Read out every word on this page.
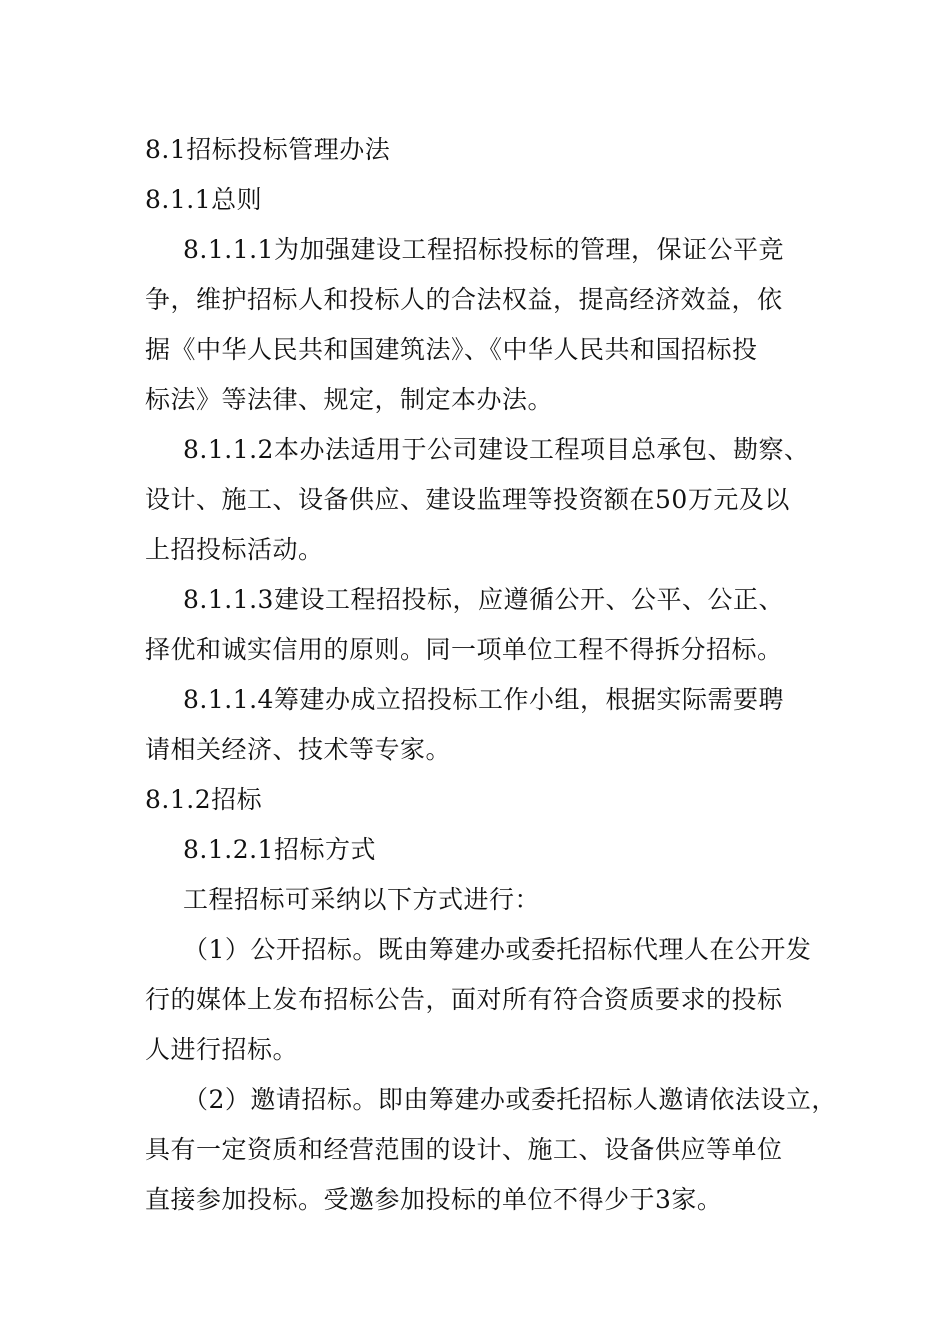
8.1招标投标管理办法
8.1.1总则
8.1.1.1为加强建设工程招标投标的管理，保证公平竞
争，维护招标人和投标人的合法权益，提高经济效益，依
据《中华人民共和国建筑法》、《中华人民共和国招标投
标法》等法律、规定，制定本办法。
8.1.1.2本办法适用于公司建设工程项目总承包、勘察、
设计、施工、设备供应、建设监理等投资额在50万元及以
上招投标活动。
8.1.1.3建设工程招投标，应遵循公开、公平、公正、
择优和诚实信用的原则。同一项单位工程不得拆分招标。
8.1.1.4筹建办成立招投标工作小组，根据实际需要聘
请相关经济、技术等专家。
8.1.2招标
8.1.2.1招标方式
工程招标可采纳以下方式进行：
（1）公开招标。既由筹建办或委托招标代理人在公开发
行的媒体上发布招标公告，面对所有符合资质要求的投标
人进行招标。
（2）邀请招标。即由筹建办或委托招标人邀请依法设立，
具有一定资质和经营范围的设计、施工、设备供应等单位
直接参加投标。受邀参加投标的单位不得少于3家。
